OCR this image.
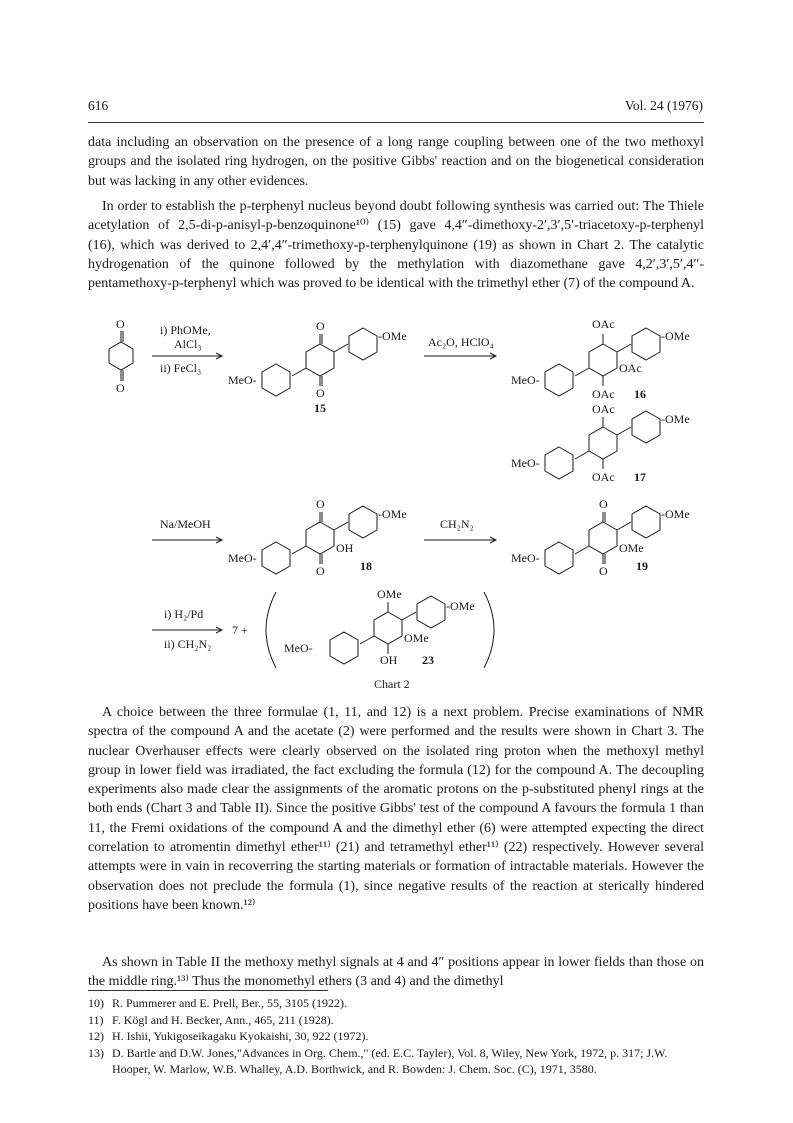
616	Vol. 24 (1976)

data including an observation on the presence of a long range coupling between one of the two methoxyl groups and the isolated ring hydrogen, on the positive Gibbs' reaction and on the biogenetical consideration but was lacking in any other evidences.

In order to establish the p-terphenyl nucleus beyond doubt following synthesis was carried out: The Thiele acetylation of 2,5-di-p-anisyl-p-benzoquinone¹⁰⁾ (15) gave 4,4″-dimethoxy-2′,3′,5′-triacetoxy-p-terphenyl (16), which was derived to 2,4′,4″-trimethoxy-p-terphenylquinone (19) as shown in Chart 2. The catalytic hydrogenation of the quinone followed by the methylation with diazomethane gave 4,2′,3′,5′,4″-pentamethoxy-p-terphenyl which was proved to be identical with the trimethyl ether (7) of the compound A.

O
O
i) PhOMe,
AlCl₃
ii) FeCl₃
O
O
MeO-
-OMe
15
Ac₂O, HClO₄
OAc
MeO-
-OMe
OAc
OAc 16
OAc
MeO-
-OMe
OAc 17
Na/MeOH
O
O
MeO-
-OMe
OH
18
CH₂N₂
O
O
MeO-
-OMe
OMe
19
i) H₂/Pd
ii) CH₂N₂
7 +
OMe
MeO-
-OMe
OMe
OH 23
Chart 2

A choice between the three formulae (1, 11, and 12) is a next problem. Precise examinations of NMR spectra of the compound A and the acetate (2) were performed and the results were shown in Chart 3. The nuclear Overhauser effects were clearly observed on the isolated ring proton when the methoxyl methyl group in lower field was irradiated, the fact excluding the formula (12) for the compound A. The decoupling experiments also made clear the assignments of the aromatic protons on the p-substituted phenyl rings at the both ends (Chart 3 and Table II). Since the positive Gibbs' test of the compound A favours the formula 1 than 11, the Fremi oxidations of the compound A and the dimethyl ether (6) were attempted expecting the direct correlation to atromentin dimethyl ether¹¹⁾ (21) and tetramethyl ether¹¹⁾ (22) respectively. However several attempts were in vain in recoverring the starting materials or formation of intractable materials. However the observation does not preclude the formula (1), since negative results of the reaction at sterically hindered positions have been known.¹²⁾

As shown in Table II the methoxy methyl signals at 4 and 4″ positions appear in lower fields than those on the middle ring.¹³⁾ Thus the monomethyl ethers (3 and 4) and the dimethyl

10) R. Pummerer and E. Prell, Ber., 55, 3105 (1922).
11) F. Kögl and H. Becker, Ann., 465, 211 (1928).
12) H. Ishii, Yukigoseikagaku Kyokaishi, 30, 922 (1972).
13) D. Bartle and D.W. Jones,"Advances in Org. Chem.," (ed. E.C. Tayler), Vol. 8, Wiley, New York, 1972, p. 317; J.W. Hooper, W. Marlow, W.B. Whalley, A.D. Borthwick, and R. Bowden: J. Chem. Soc. (C), 1971, 3580.
